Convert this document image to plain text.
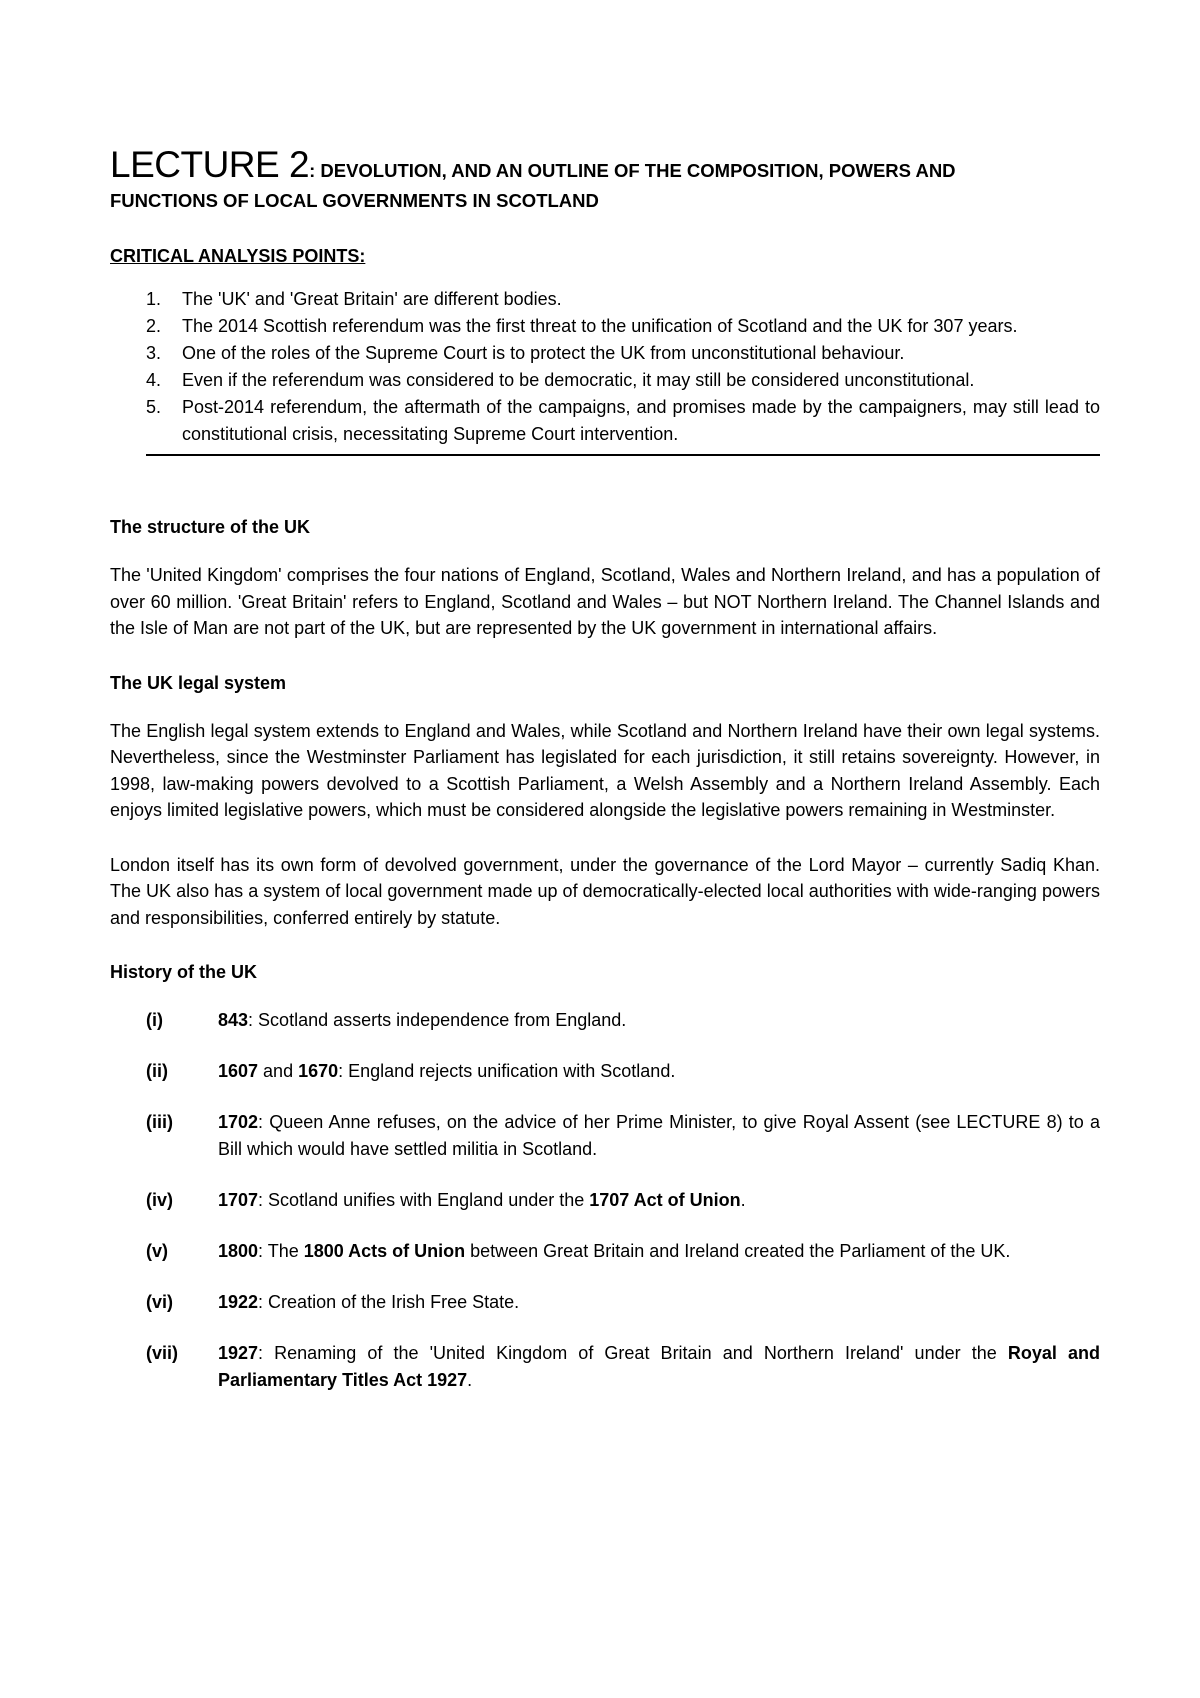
LECTURE 2: DEVOLUTION, AND AN OUTLINE OF THE COMPOSITION, POWERS AND
FUNCTIONS OF LOCAL GOVERNMENTS IN SCOTLAND

CRITICAL ANALYSIS POINTS:
1.	The 'UK' and 'Great Britain' are different bodies.
2.	The 2014 Scottish referendum was the first threat to the unification of Scotland and the UK for 307 years.
3.	One of the roles of the Supreme Court is to protect the UK from unconstitutional behaviour.
4.	Even if the referendum was considered to be democratic, it may still be considered unconstitutional.
5.	Post-2014 referendum, the aftermath of the campaigns, and promises made by the campaigners, may still lead to constitutional crisis, necessitating Supreme Court intervention.
The structure of the UK

The 'United Kingdom' comprises the four nations of England, Scotland, Wales and Northern Ireland, and has a population of over 60 million. 'Great Britain' refers to England, Scotland and Wales – but NOT Northern Ireland. The Channel Islands and the Isle of Man are not part of the UK, but are represented by the UK government in international affairs.

The UK legal system

The English legal system extends to England and Wales, while Scotland and Northern Ireland have their own legal systems. Nevertheless, since the Westminster Parliament has legislated for each jurisdiction, it still retains sovereignty. However, in 1998, law-making powers devolved to a Scottish Parliament, a Welsh Assembly and a Northern Ireland Assembly. Each enjoys limited legislative powers, which must be considered alongside the legislative powers remaining in Westminster.

London itself has its own form of devolved government, under the governance of the Lord Mayor – currently Sadiq Khan. The UK also has a system of local government made up of democratically-elected local authorities with wide-ranging powers and responsibilities, conferred entirely by statute.

History of the UK
(i)	843: Scotland asserts independence from England.
(ii)	1607 and 1670: England rejects unification with Scotland.
(iii)	1702: Queen Anne refuses, on the advice of her Prime Minister, to give Royal Assent (see LECTURE 8) to a Bill which would have settled militia in Scotland.
(iv)	1707: Scotland unifies with England under the 1707 Act of Union.
(v)	1800: The 1800 Acts of Union between Great Britain and Ireland created the Parliament of the UK.
(vi)	1922: Creation of the Irish Free State.
(vii)	1927: Renaming of the 'United Kingdom of Great Britain and Northern Ireland' under the Royal and Parliamentary Titles Act 1927.
